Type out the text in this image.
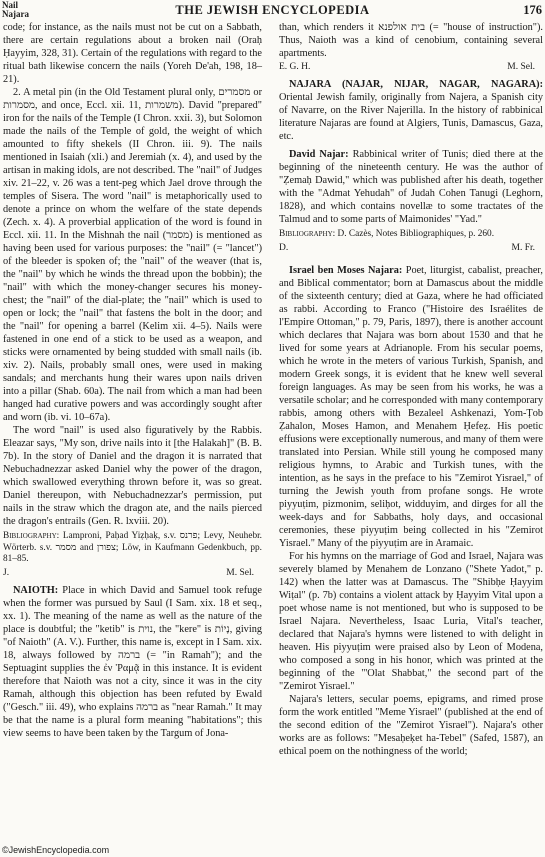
Nail
Najara	THE JEWISH ENCYCLOPEDIA	176

code; for instance, as the nails must not be cut on a Sabbath, there are certain regulations about a broken nail (Oraḥ Ḥayyim, 328, 31). Certain of the regulations with regard to the ritual bath likewise concern the nails (Yoreh De'ah, 198, 18–21).

2. A metal pin (in the Old Testament plural only, מסמרים or מסמרות, and once, Eccl. xii. 11, משמרות). David "prepared" iron for the nails of the Temple (I Chron. xxii. 3), but Solomon made the nails of the Temple of gold, the weight of which amounted to fifty shekels (II Chron. iii. 9). The nails mentioned in Isaiah (xli.) and Jeremiah (x. 4), and used by the artisan in making idols, are not described. The "nail" of Judges xiv. 21–22, v. 26 was a tent-peg which Jael drove through the temples of Sisera. The word "nail" is metaphorically used to denote a prince on whom the welfare of the state depends (Zech. x. 4). A proverbial application of the word is found in Eccl. xii. 11. In the Mishnah the nail (מסמר) is mentioned as having been used for various purposes: the "nail" (= "lancet") of the bleeder is spoken of; the "nail" of the weaver (that is, the "nail" by which he winds the thread upon the bobbin); the "nail" with which the money-changer secures his money-chest; the "nail" of the dial-plate; the "nail" which is used to open or lock; the "nail" that fastens the bolt in the door; and the "nail" for opening a barrel (Kelim xii. 4–5). Nails were fastened in one end of a stick to be used as a weapon, and sticks were ornamented by being studded with small nails (ib. xiv. 2). Nails, probably small ones, were used in making sandals; and merchants hung their wares upon nails driven into a pillar (Shab. 60a). The nail from which a man had been hanged had curative powers and was accordingly sought after and worn (ib. vi. 10–67a).

The word "nail" is used also figuratively by the Rabbis. Eleazar says, "My son, drive nails into it [the Halakah]" (B. B. 7b). In the story of Daniel and the dragon it is narrated that Nebuchadnezzar asked Daniel why the power of the dragon, which swallowed everything thrown before it, was so great. Daniel thereupon, with Nebuchadnezzar's permission, put nails in the straw which the dragon ate, and the nails pierced the dragon's entrails (Gen. R. lxviii. 20).

Bibliography: Lamproni, Paḥad Yiẓḥaḳ, s.v. פרנס; Levy, Neuhebr. Wörterb. s.v. מסמר and צפורן; Löw, in Kaufmann Gedenkbuch, pp. 81–85.

J.	M. Sel.

NAIOTH: Place in which David and Samuel took refuge when the former was pursued by Saul (I Sam. xix. 18 et seq., xx. 1). The meaning of the name as well as the nature of the place is doubtful; the "ketib" is נוית, the "kere" is נָיוֹת, giving "of Naioth" (A. V.). Further, this name is, except in I Sam. xix. 18, always followed by ברמה (= "in Ramah"); and the Septuagint supplies the ἐν Ῥαμᾷ in this instance. It is evident therefore that Naioth was not a city, since it was in the city Ramah, although this objection has been refuted by Ewald ("Gesch." iii. 49), who explains ברמה as "near Ramah." It may be that the name is a plural form meaning "habitations"; this view seems to have been taken by the Targum of Jona-

than, which renders it בית אולפנא (= "house of instruction"). Thus, Naioth was a kind of cenobium, containing several apartments.

E. G. H.	M. Sel.

NAJARA (NAJAR, NIJAR, NAGAR, NAGARA): Oriental Jewish family, originally from Najera, a Spanish city of Navarre, on the River Najerilla. In the history of rabbinical literature Najaras are found at Algiers, Tunis, Damascus, Gaza, etc.

David Najar: Rabbinical writer of Tunis; died there at the beginning of the nineteenth century. He was the author of "Ẓemaḥ Dawid," which was published after his death, together with the "Admat Yehudah" of Judah Cohen Tanugi (Leghorn, 1828), and which contains novellæ to some tractates of the Talmud and to some parts of Maimonides' "Yad."

Bibliography: D. Cazès, Notes Bibliographiques, p. 260.

D.	M. Fr.

Israel ben Moses Najara: Poet, liturgist, cabalist, preacher, and Biblical commentator; born at Damascus about the middle of the sixteenth century; died at Gaza, where he had officiated as rabbi. According to Franco ("Histoire des Israélites de l'Empire Ottoman," p. 79, Paris, 1897), there is another account which declares that Najara was born about 1530 and that he lived for some years at Adrianople. From his secular poems, which he wrote in the meters of various Turkish, Spanish, and modern Greek songs, it is evident that he knew well several foreign languages. As may be seen from his works, he was a versatile scholar; and he corresponded with many contemporary rabbis, among others with Bezaleel Ashkenazi, Yom-Ṭob Ẓahalon, Moses Hamon, and Menahem Ḥefeẓ. His poetic effusions were exceptionally numerous, and many of them were translated into Persian. While still young he composed many religious hymns, to Arabic and Turkish tunes, with the intention, as he says in the preface to his "Zemirot Yisrael," of turning the Jewish youth from profane songs. He wrote piyyuṭim, pizmonim, seliḥot, widduyim, and dirges for all the week-days and for Sabbaths, holy days, and occasional ceremonies, these piyyuṭim being collected in his "Zemirot Yisrael." Many of the piyyuṭim are in Aramaic.

For his hymns on the marriage of God and Israel, Najara was severely blamed by Menahem de Lonzano ("Shete Yadot," p. 142) when the latter was at Damascus. The "Shibḥe Ḥayyim Wiṭal" (p. 7b) contains a violent attack by Ḥayyim Vital upon a poet whose name is not mentioned, but who is supposed to be Israel Najara. Nevertheless, Isaac Luria, Vital's teacher, declared that Najara's hymns were listened to with delight in heaven. His piyyuṭim were praised also by Leon of Modena, who composed a song in his honor, which was printed at the beginning of the "'Olat Shabbat," the second part of the "Zemirot Yisrael."

Najara's letters, secular poems, epigrams, and rimed prose form the work entitled "Meme Yisrael" (published at the end of the second edition of the "Zemirot Yisrael"). Najara's other works are as follows: "Mesaḥeḳet ha-Tebel" (Safed, 1587), an ethical poem on the nothingness of the world;

©JewishEncyclopedia.com
